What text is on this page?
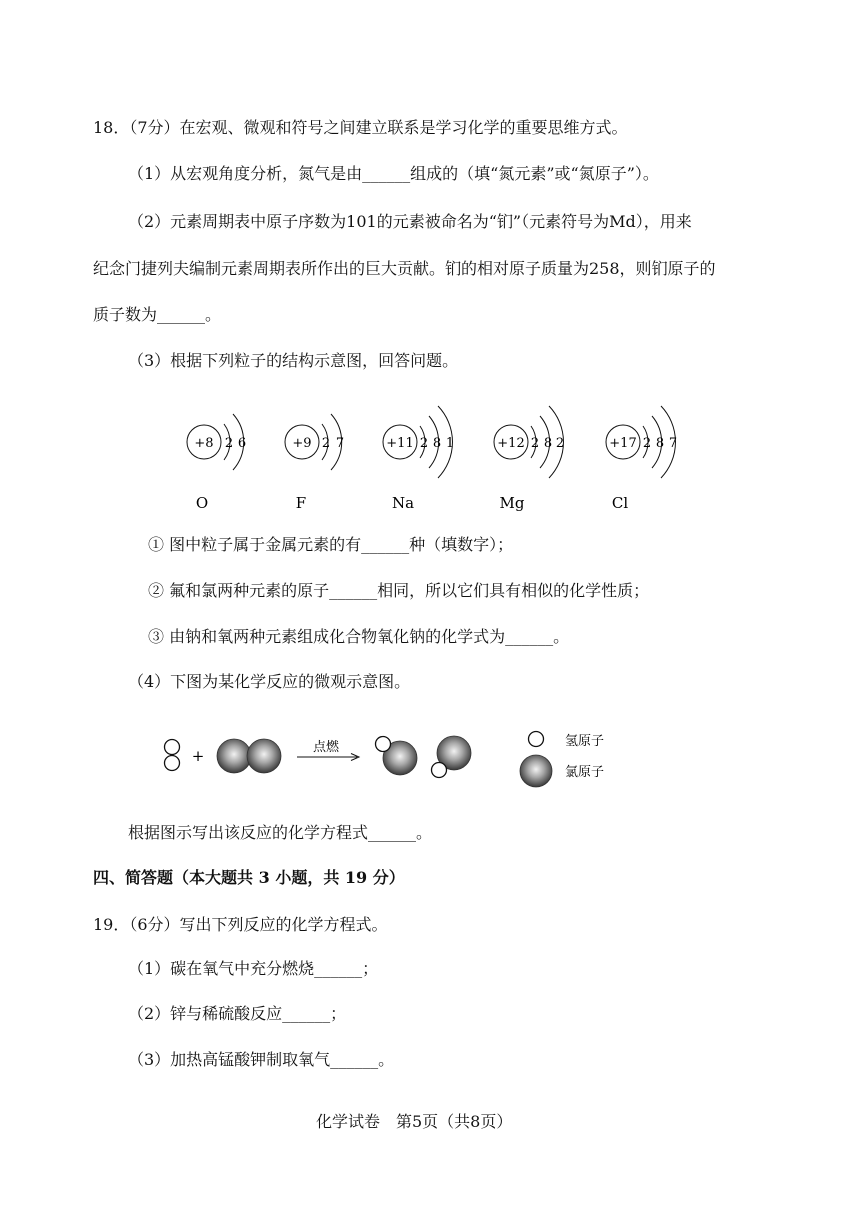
18．（7分）在宏观、微观和符号之间建立联系是学习化学的重要思维方式。
（1）从宏观角度分析，氮气是由______组成的（填“氮元素”或“氮原子”）。
（2）元素周期表中原子序数为101的元素被命名为“钔”（元素符号为Md），用来
纪念门捷列夫编制元素周期表所作出的巨大贡献。钔的相对原子质量为258，则钔原子的
质子数为______。
（3）根据下列粒子的结构示意图，回答问题。
+8 2 6
O
+9 2 7
F
+11 2 8 1
Na
+12 2 8 2
Mg
+17 2 8 7
Cl
① 图中粒子属于金属元素的有______种（填数字）；
② 氟和氯两种元素的原子______相同，所以它们具有相似的化学性质；
③ 由钠和氧两种元素组成化合物氧化钠的化学式为______。
（4）下图为某化学反应的微观示意图。
+	点燃	氢原子
氯原子
根据图示写出该反应的化学方程式______。
四、简答题（本大题共 3 小题，共 19 分）
19．（6分）写出下列反应的化学方程式。
（1）碳在氧气中充分燃烧______；
（2）锌与稀硫酸反应______；
（3）加热高锰酸钾制取氧气______。
化学试卷　第5页（共8页）
